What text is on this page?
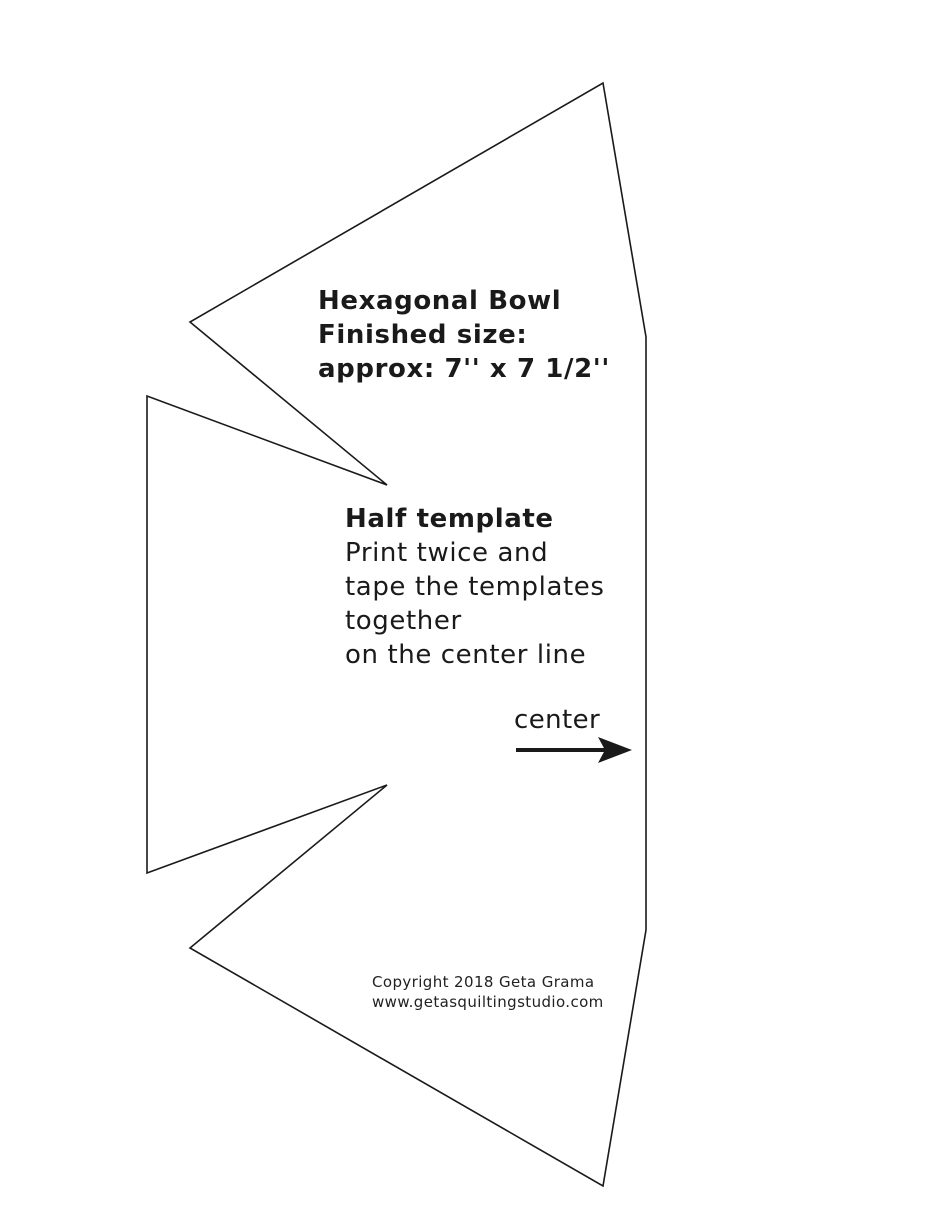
Hexagonal Bowl
Finished size:
approx: 7'' x 7 1/2''
Half template
Print twice and
tape the templates
together
on the center line
center
Copyright 2018 Geta Grama
www.getasquiltingstudio.com
